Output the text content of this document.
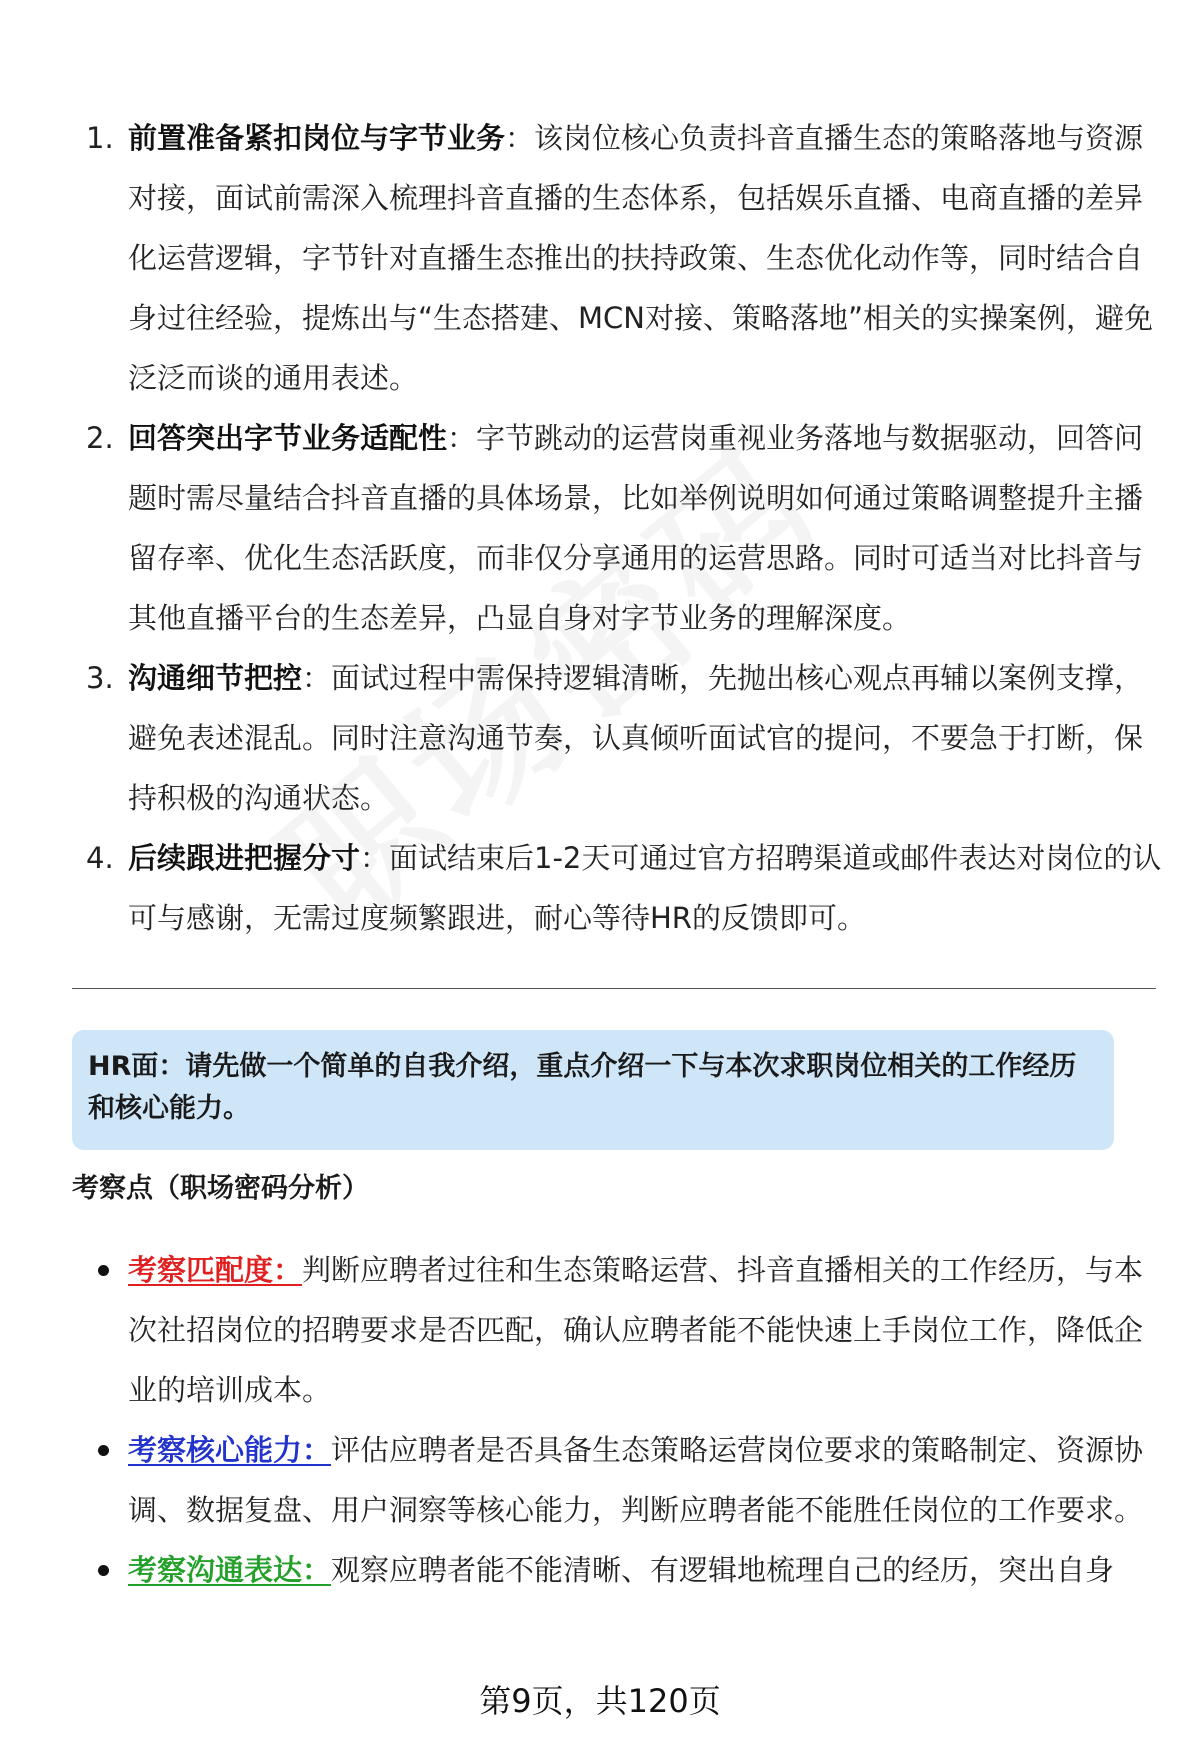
1. 前置准备紧扣岗位与字节业务：该岗位核心负责抖音直播生态的策略落地与资源对接，面试前需深入梳理抖音直播的生态体系，包括娱乐直播、电商直播的差异化运营逻辑，字节针对直播生态推出的扶持政策、生态优化动作等，同时结合自身过往经验，提炼出与“生态搭建、MCN对接、策略落地”相关的实操案例，避免泛泛而谈的通用表述。
2. 回答突出字节业务适配性：字节跳动的运营岗重视业务落地与数据驱动，回答问题时需尽量结合抖音直播的具体场景，比如举例说明如何通过策略调整提升主播留存率、优化生态活跃度，而非仅分享通用的运营思路。同时可适当对比抖音与其他直播平台的生态差异，凸显自身对字节业务的理解深度。
3. 沟通细节把控：面试过程中需保持逻辑清晰，先抛出核心观点再辅以案例支撑，避免表述混乱。同时注意沟通节奏，认真倾听面试官的提问，不要急于打断，保持积极的沟通状态。
4. 后续跟进把握分寸：面试结束后1-2天可通过官方招聘渠道或邮件表达对岗位的认可与感谢，无需过度频繁跟进，耐心等待HR的反馈即可。
HR面：请先做一个简单的自我介绍，重点介绍一下与本次求职岗位相关的工作经历和核心能力。
考察点（职场密码分析）
考察匹配度：判断应聘者过往和生态策略运营、抖音直播相关的工作经历，与本次社招岗位的招聘要求是否匹配，确认应聘者能不能快速上手岗位工作，降低企业的培训成本。
考察核心能力：评估应聘者是否具备生态策略运营岗位要求的策略制定、资源协调、数据复盘、用户洞察等核心能力，判断应聘者能不能胜任岗位的工作要求。
考察沟通表达：观察应聘者能不能清晰、有逻辑地梳理自己的经历，突出自身
第9页，共120页
